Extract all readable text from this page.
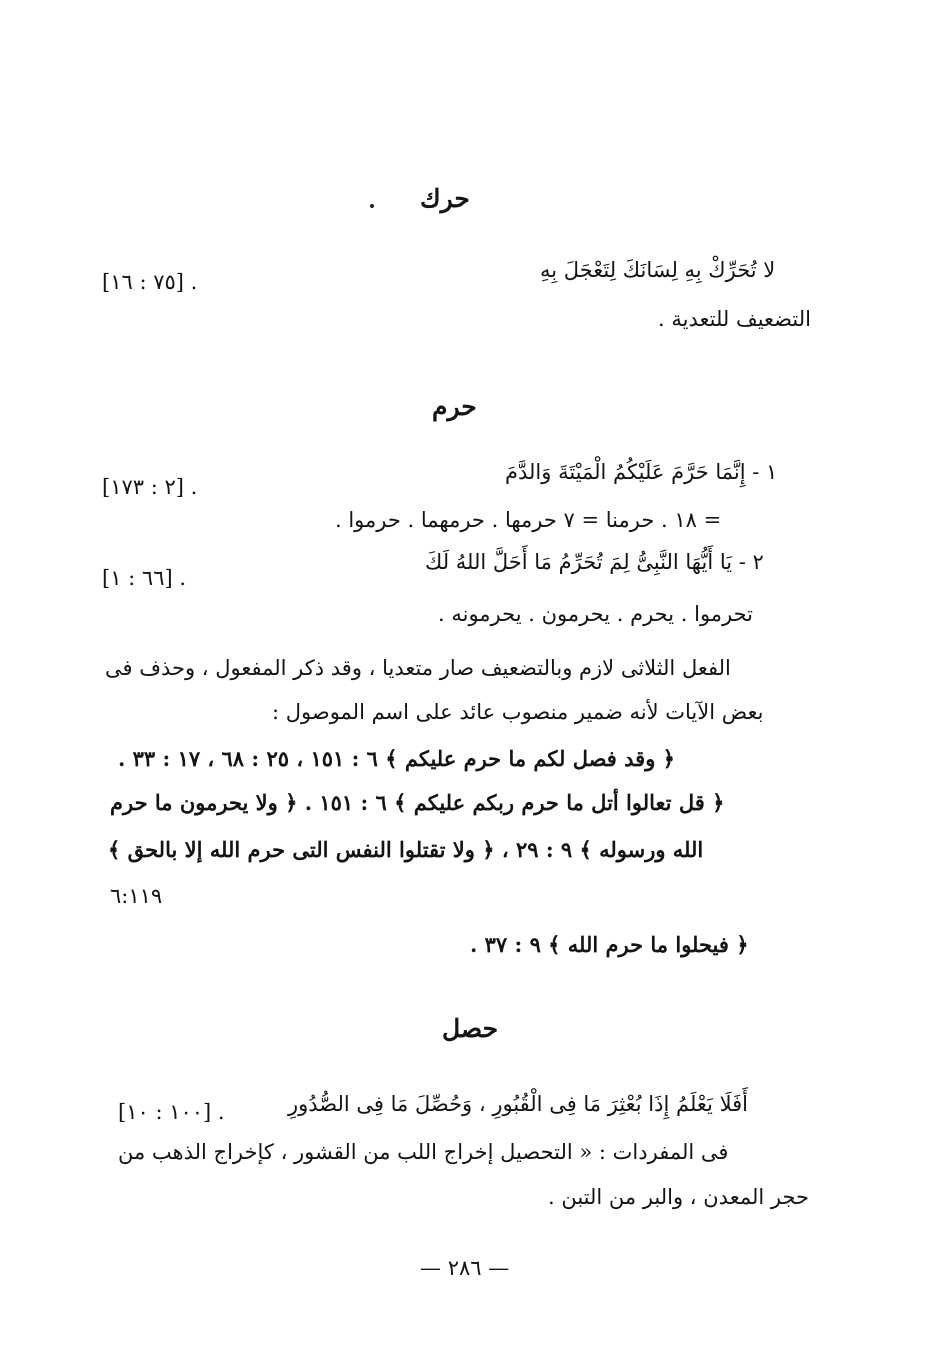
حرك
لا تُحَرِّكْ بِهِ لِسَانَكَ لِتَعْجَلَ بِهِ
[٧٥ : ١٦] .
التضعيف للتعدية .
حرم
١ - إِنَّمَا حَرَّمَ عَلَيْكُمُ الْمَيْتَةَ وَالدَّمَ
[٢ : ١٧٣] .
= ١٨ . حرمنا = ٧ حرمها . حرمهما . حرموا .
٢ - يَا أَيُّهَا النَّبِىُّ لِمَ تُحَرِّمُ مَا أَحَلَّ اللهُ لَكَ
[٦٦ : ١] .
تحرموا . يحرم . يحرمون . يحرمونه .
الفعل الثلاثى لازم وبالتضعيف صار متعديا ، وقد ذكر المفعول ، وحذف فى
بعض الآيات لأنه ضمير منصوب عائد على اسم الموصول :
﴿ وقد فصل لكم ما حرم عليكم ﴾ ٦ : ١٥١ ، ٢٥ : ٦٨ ، ١٧ : ٣٣ .
﴿ قل تعالوا أتل ما حرم ربكم عليكم ﴾ ٦ : ١٥١ . ﴿ ولا يحرمون ما حرم
الله ورسوله ﴾ ٩ : ٢٩ ، ﴿ ولا تقتلوا النفس التى حرم الله إلا بالحق ﴾
٦:١١٩
﴿ فيحلوا ما حرم الله ﴾ ٩ : ٣٧ .
حصل
أَفَلَا يَعْلَمُ إِذَا بُعْثِرَ مَا فِى الْقُبُورِ ، وَحُصِّلَ مَا فِى الصُّدُورِ
[١٠٠ : ١٠] .
فى المفردات : « التحصيل إخراج اللب من القشور ، كإخراج الذهب من
حجر المعدن ، والبر من التبن .
— ٢٨٦ —
